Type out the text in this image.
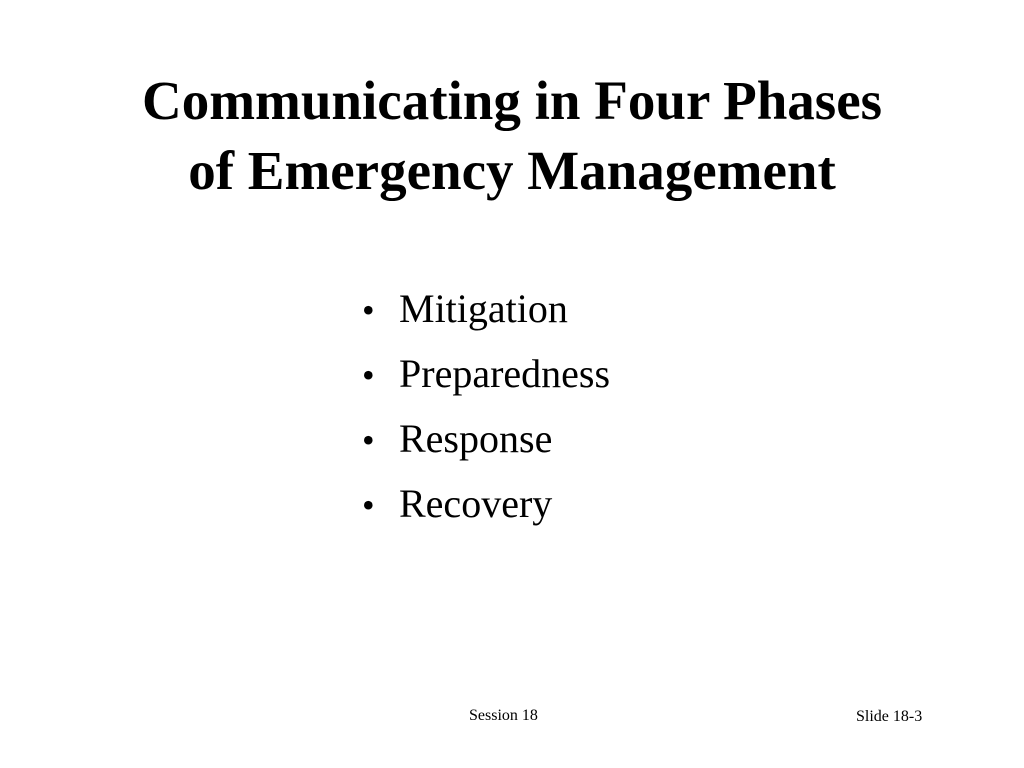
Communicating in Four Phases
of Emergency Management
• Mitigation
• Preparedness
• Response
• Recovery
Session 18	Slide 18-3
